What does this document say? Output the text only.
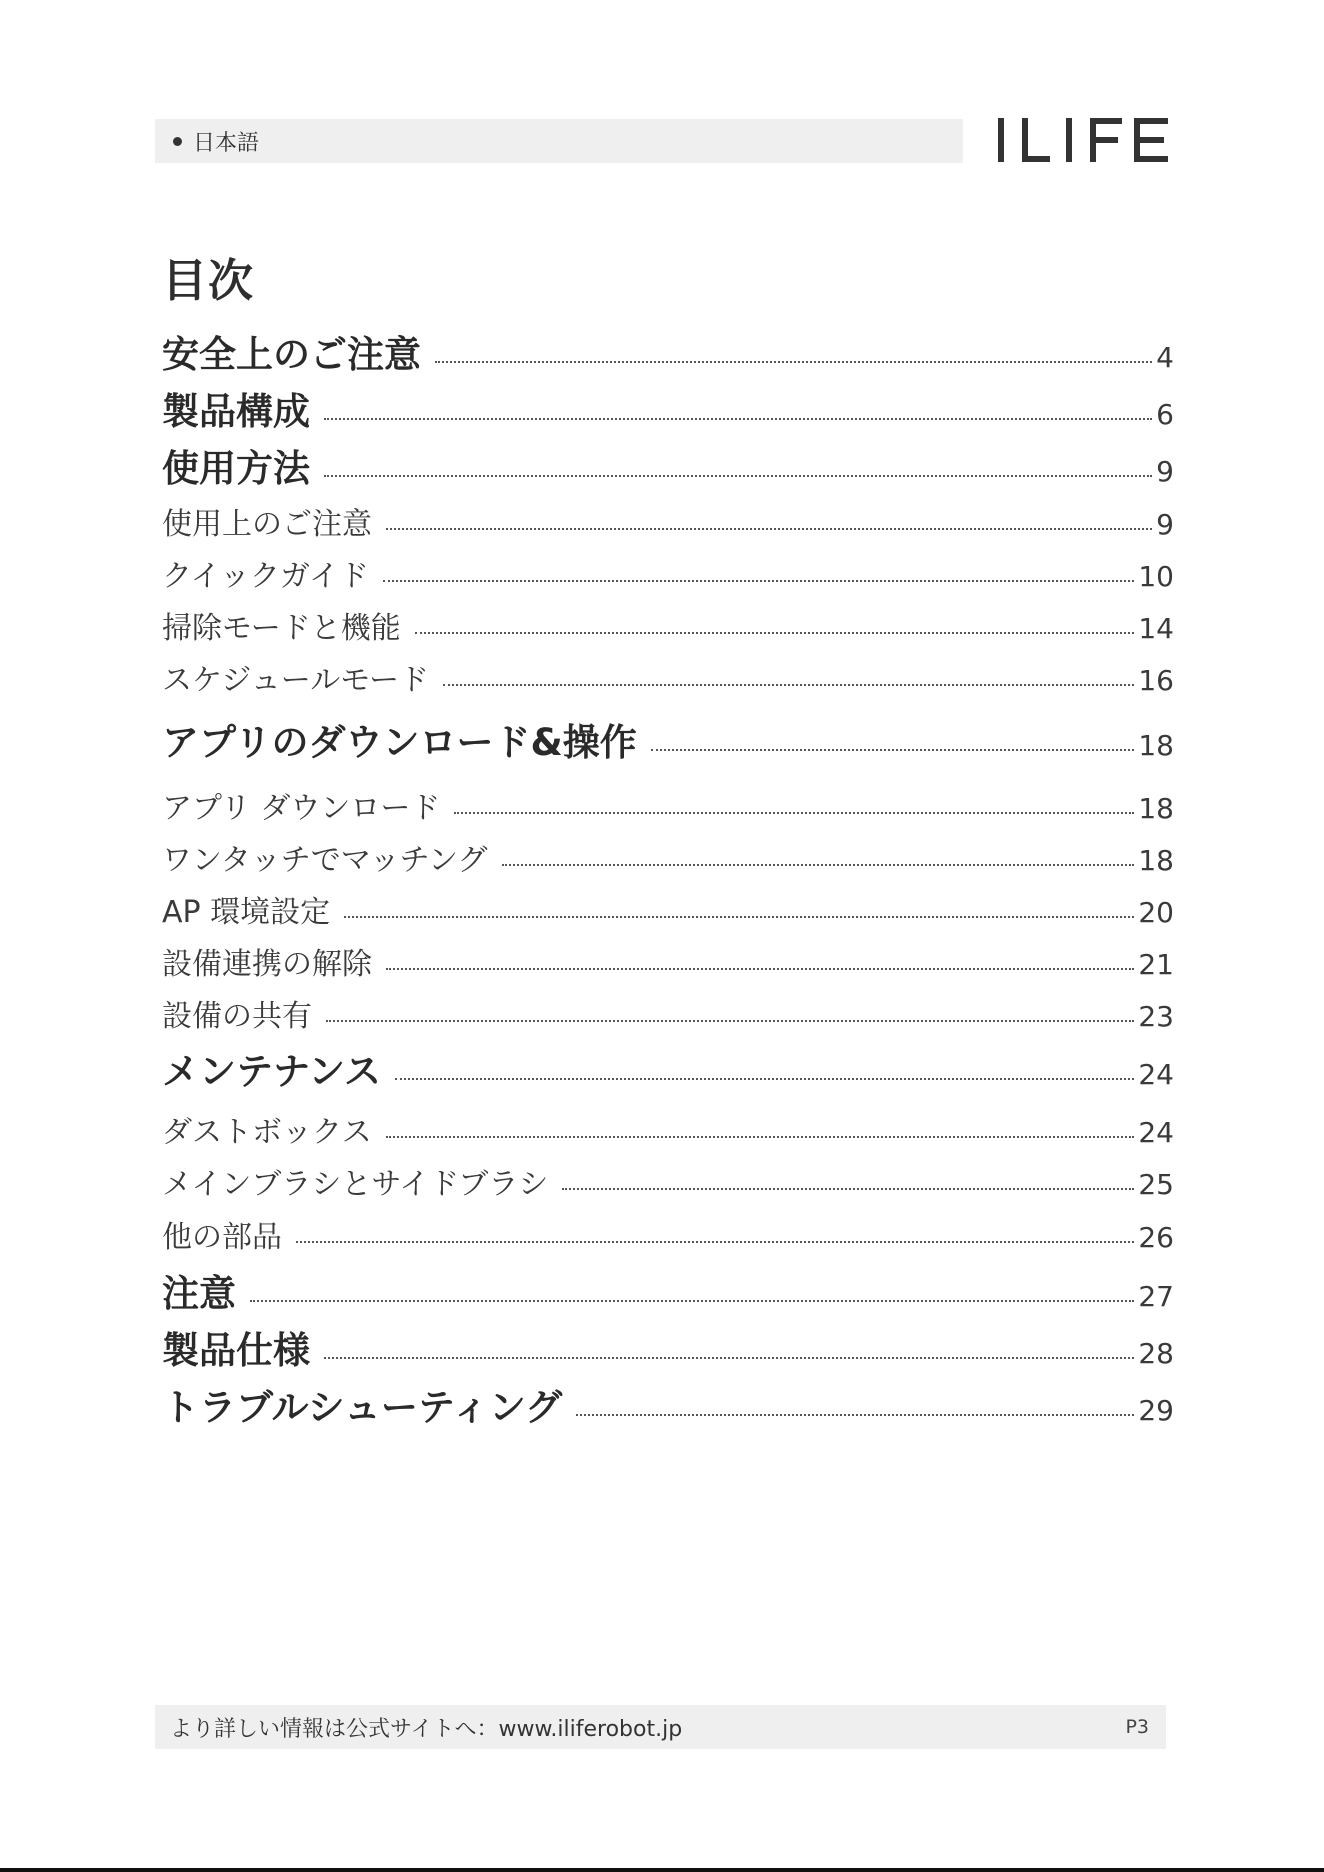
日本語
目次
安全上のご注意	4
製品構成	6
使用方法	9
使用上のご注意	9
クイックガイド	10
掃除モードと機能	14
スケジュールモード	16
アプリのダウンロード&操作	18
アプリ ダウンロード	18
ワンタッチでマッチング	18
AP 環境設定	20
設備連携の解除	21
設備の共有	23
メンテナンス	24
ダストボックス	24
メインブラシとサイドブラシ	25
他の部品	26
注意	27
製品仕様	28
トラブルシューティング	29
より詳しい情報は公式サイトへ：www.iliferobot.jp	P3
